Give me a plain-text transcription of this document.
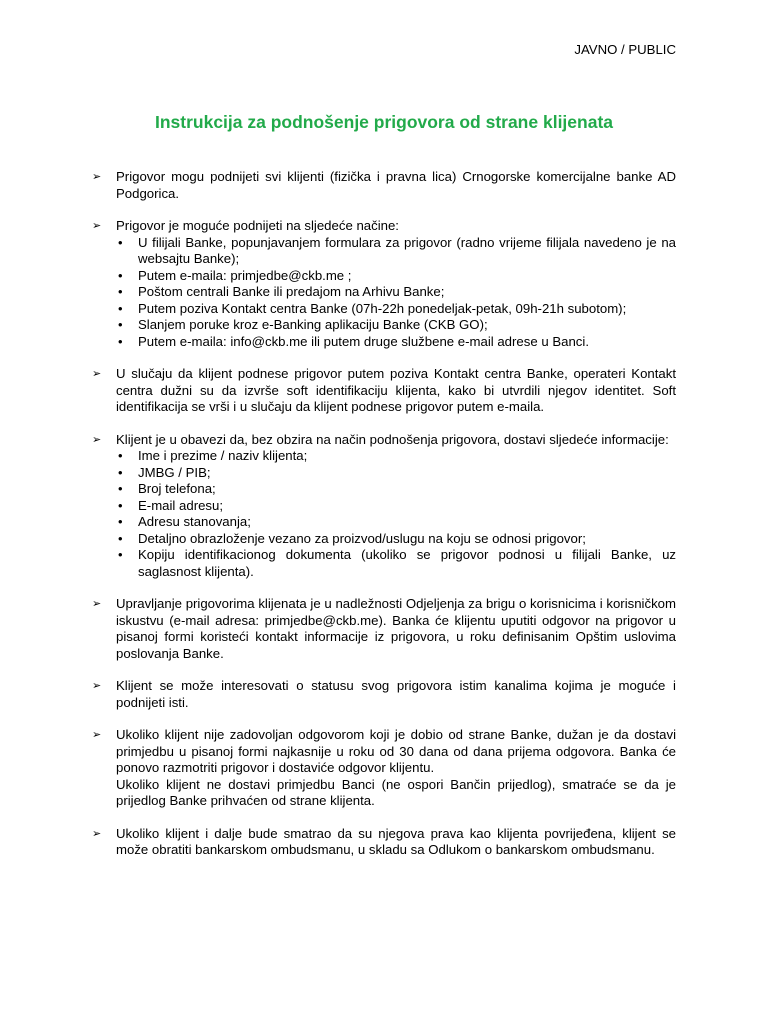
JAVNO / PUBLIC
Instrukcija za podnošenje prigovora od strane klijenata
➢ Prigovor mogu podnijeti svi klijenti (fizička i pravna lica) Crnogorske komercijalne banke AD Podgorica.

➢ Prigovor je moguće podnijeti na sljedeće načine:

• U filijali Banke, popunjavanjem formulara za prigovor (radno vrijeme filijala navedeno je na websajtu Banke);
• Putem e-maila: primjedbe@ckb.me ;
• Poštom centrali Banke ili predajom na Arhivu Banke;
• Putem poziva Kontakt centra Banke (07h-22h ponedeljak-petak, 09h-21h subotom);
• Slanjem poruke kroz e-Banking aplikaciju Banke (CKB GO);
• Putem e-maila: info@ckb.me ili putem druge službene e-mail adrese u Banci.
➢ U slučaju da klijent podnese prigovor putem poziva Kontakt centra Banke, operateri Kontakt centra dužni su da izvrše soft identifikaciju klijenta, kako bi utvrdili njegov identitet. Soft identifikacija se vrši i u slučaju da klijent podnese prigovor putem e-maila.

➢ Klijent je u obavezi da, bez obzira na način podnošenja prigovora, dostavi sljedeće informacije:

• Ime i prezime / naziv klijenta;
• JMBG / PIB;
• Broj telefona;
• E-mail adresu;
• Adresu stanovanja;
• Detaljno obrazloženje vezano za proizvod/uslugu na koju se odnosi prigovor;
• Kopiju identifikacionog dokumenta (ukoliko se prigovor podnosi u filijali Banke, uz saglasnost klijenta).
➢ Upravljanje prigovorima klijenata je u nadležnosti Odjeljenja za brigu o korisnicima i korisničkom iskustvu (e-mail adresa: primjedbe@ckb.me). Banka će klijentu uputiti odgovor na prigovor u pisanoj formi koristeći kontakt informacije iz prigovora, u roku definisanim Opštim uslovima poslovanja Banke.

➢ Klijent se može interesovati o statusu svog prigovora istim kanalima kojima je moguće i podnijeti isti.

➢ Ukoliko klijent nije zadovoljan odgovorom koji je dobio od strane Banke, dužan je da dostavi primjedbu u pisanoj formi najkasnije u roku od 30 dana od dana prijema odgovora. Banka će ponovo razmotriti prigovor i dostaviće odgovor klijentu.

Ukoliko klijent ne dostavi primjedbu Banci (ne ospori Bančin prijedlog), smatraće se da je prijedlog Banke prihvaćen od strane klijenta.

➢ Ukoliko klijent i dalje bude smatrao da su njegova prava kao klijenta povrijeđena, klijent se može obratiti bankarskom ombudsmanu, u skladu sa Odlukom o bankarskom ombudsmanu.
